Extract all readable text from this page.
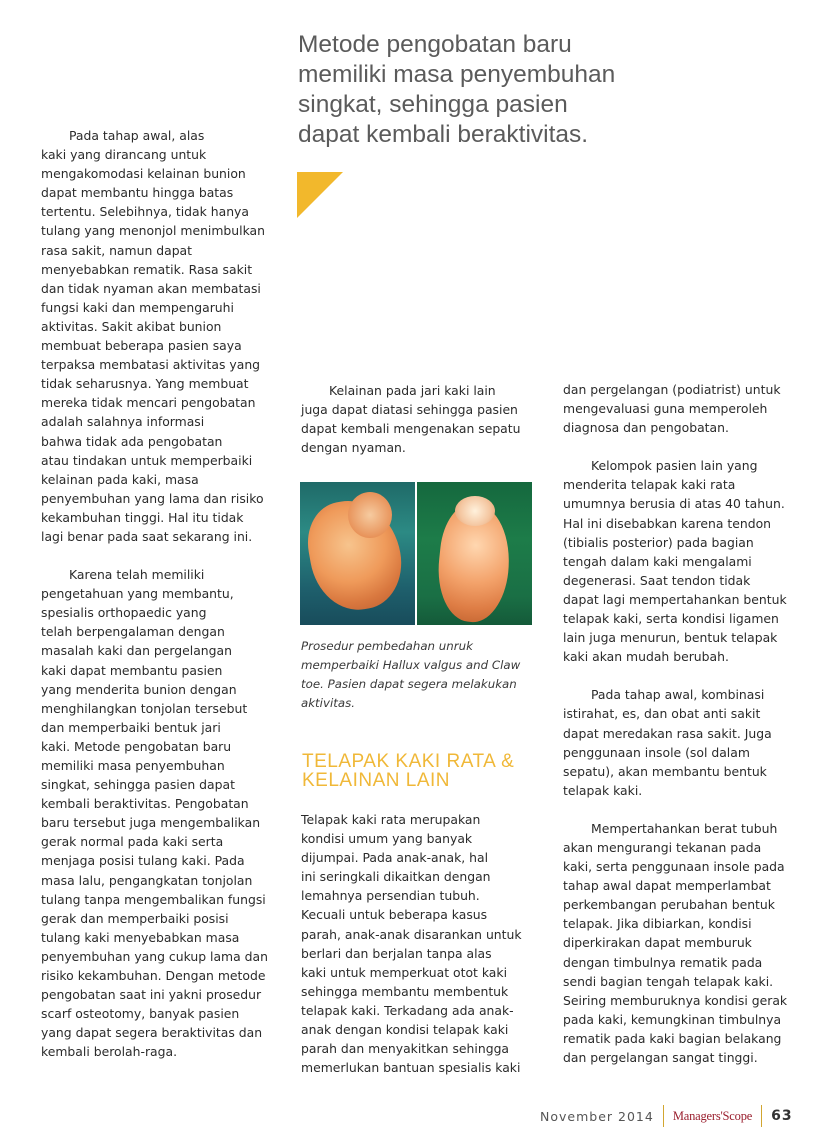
Metode pengobatan baru
memiliki masa penyembuhan
singkat, sehingga pasien
dapat kembali beraktivitas.
Pada tahap awal, alas
kaki yang dirancang untuk
mengakomodasi kelainan bunion
dapat membantu hingga batas
tertentu. Selebihnya, tidak hanya
tulang yang menonjol menimbulkan
rasa sakit, namun dapat
menyebabkan rematik. Rasa sakit
dan tidak nyaman akan membatasi
fungsi kaki dan mempengaruhi
aktivitas. Sakit akibat bunion
membuat beberapa pasien saya
terpaksa membatasi aktivitas yang
tidak seharusnya. Yang membuat
mereka tidak mencari pengobatan
adalah salahnya informasi
bahwa tidak ada pengobatan
atau tindakan untuk memperbaiki
kelainan pada kaki, masa
penyembuhan yang lama dan risiko
kekambuhan tinggi. Hal itu tidak
lagi benar pada saat sekarang ini.
Karena telah memiliki
pengetahuan yang membantu,
spesialis orthopaedic yang
telah berpengalaman dengan
masalah kaki dan pergelangan
kaki dapat membantu pasien
yang menderita bunion dengan
menghilangkan tonjolan tersebut
dan memperbaiki bentuk jari
kaki. Metode pengobatan baru
memiliki masa penyembuhan
singkat, sehingga pasien dapat
kembali beraktivitas. Pengobatan
baru tersebut juga mengembalikan
gerak normal pada kaki serta
menjaga posisi tulang kaki. Pada
masa lalu, pengangkatan tonjolan
tulang tanpa mengembalikan fungsi
gerak dan memperbaiki posisi
tulang kaki menyebabkan masa
penyembuhan yang cukup lama dan
risiko kekambuhan. Dengan metode
pengobatan saat ini yakni prosedur
scarf osteotomy, banyak pasien
yang dapat segera beraktivitas dan
kembali berolah-raga.
Kelainan pada jari kaki lain
juga dapat diatasi sehingga pasien
dapat kembali mengenakan sepatu
dengan nyaman.
Prosedur pembedahan unruk
memperbaiki Hallux valgus and Claw
toe. Pasien dapat segera melakukan
aktivitas.
TELAPAK KAKI RATA &
KELAINAN LAIN
Telapak kaki rata merupakan
kondisi umum yang banyak
dijumpai. Pada anak-anak, hal
ini seringkali dikaitkan dengan
lemahnya persendian tubuh.
Kecuali untuk beberapa kasus
parah, anak-anak disarankan untuk
berlari dan berjalan tanpa alas
kaki untuk memperkuat otot kaki
sehingga membantu membentuk
telapak kaki. Terkadang ada anak-
anak dengan kondisi telapak kaki
parah dan menyakitkan sehingga
memerlukan bantuan spesialis kaki
dan pergelangan (podiatrist) untuk
mengevaluasi guna memperoleh
diagnosa dan pengobatan.
Kelompok pasien lain yang
menderita telapak kaki rata
umumnya berusia di atas 40 tahun.
Hal ini disebabkan karena tendon
(tibialis posterior) pada bagian
tengah dalam kaki mengalami
degenerasi. Saat tendon tidak
dapat lagi mempertahankan bentuk
telapak kaki, serta kondisi ligamen
lain juga menurun, bentuk telapak
kaki akan mudah berubah.
Pada tahap awal, kombinasi
istirahat, es, dan obat anti sakit
dapat meredakan rasa sakit. Juga
penggunaan insole (sol dalam
sepatu), akan membantu bentuk
telapak kaki.
Mempertahankan berat tubuh
akan mengurangi tekanan pada
kaki, serta penggunaan insole pada
tahap awal dapat memperlambat
perkembangan perubahan bentuk
telapak. Jika dibiarkan, kondisi
diperkirakan dapat memburuk
dengan timbulnya rematik pada
sendi bagian tengah telapak kaki.
Seiring memburuknya kondisi gerak
pada kaki, kemungkinan timbulnya
rematik pada kaki bagian belakang
dan pergelangan sangat tinggi.
November 2014 Managers'Scope 63
